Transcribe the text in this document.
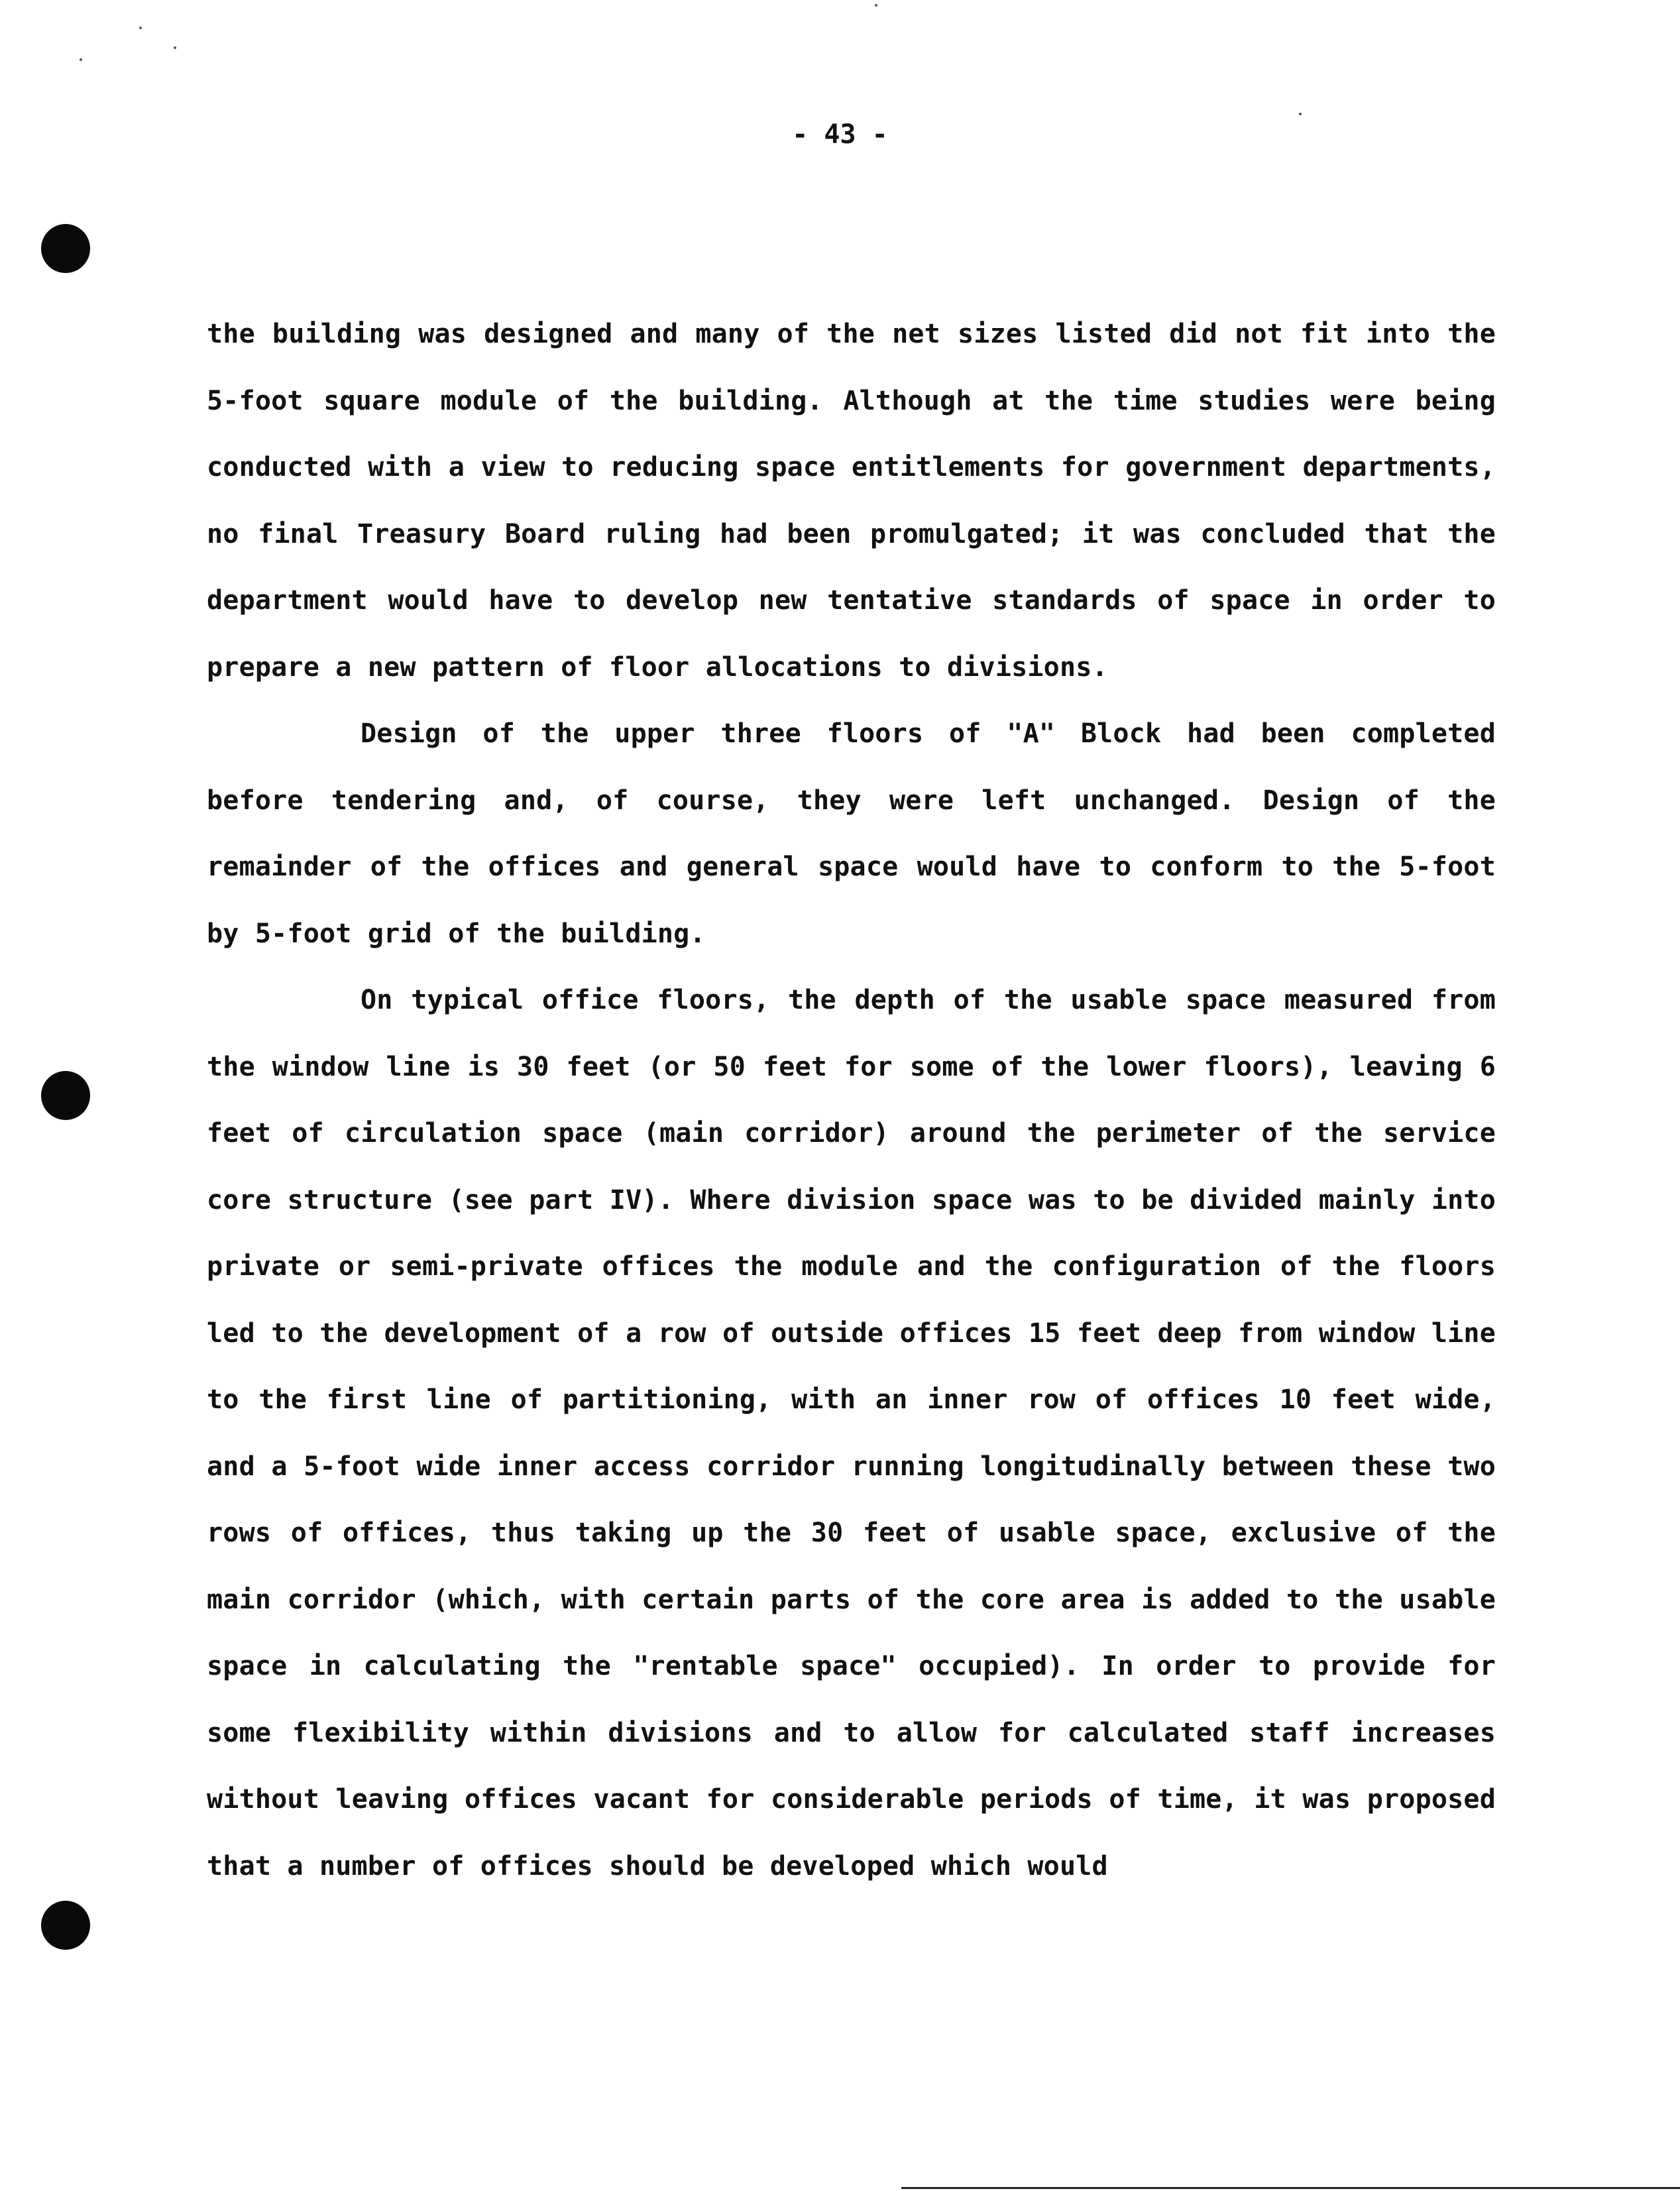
- 43 -

the building was designed and many of the net sizes listed did not fit into the 5-foot square module of the building. Although at the time studies were being conducted with a view to reducing space entitlements for government departments, no final Treasury Board ruling had been promulgated; it was concluded that the department would have to develop new tentative standards of space in order to prepare a new pattern of floor allocations to divisions.

Design of the upper three floors of "A" Block had been completed before tendering and, of course, they were left unchanged. Design of the remainder of the offices and general space would have to conform to the 5-foot by 5-foot grid of the building.

On typical office floors, the depth of the usable space measured from the window line is 30 feet (or 50 feet for some of the lower floors), leaving 6 feet of circulation space (main corridor) around the perimeter of the service core structure (see part IV). Where division space was to be divided mainly into private or semi-private offices the module and the configuration of the floors led to the development of a row of outside offices 15 feet deep from window line to the first line of partitioning, with an inner row of offices 10 feet wide, and a 5-foot wide inner access corridor running longitudinally between these two rows of offices, thus taking up the 30 feet of usable space, exclusive of the main corridor (which, with certain parts of the core area is added to the usable space in calculating the "rentable space" occupied). In order to provide for some flexibility within divisions and to allow for calculated staff increases without leaving offices vacant for considerable periods of time, it was proposed that a number of offices should be developed which would
